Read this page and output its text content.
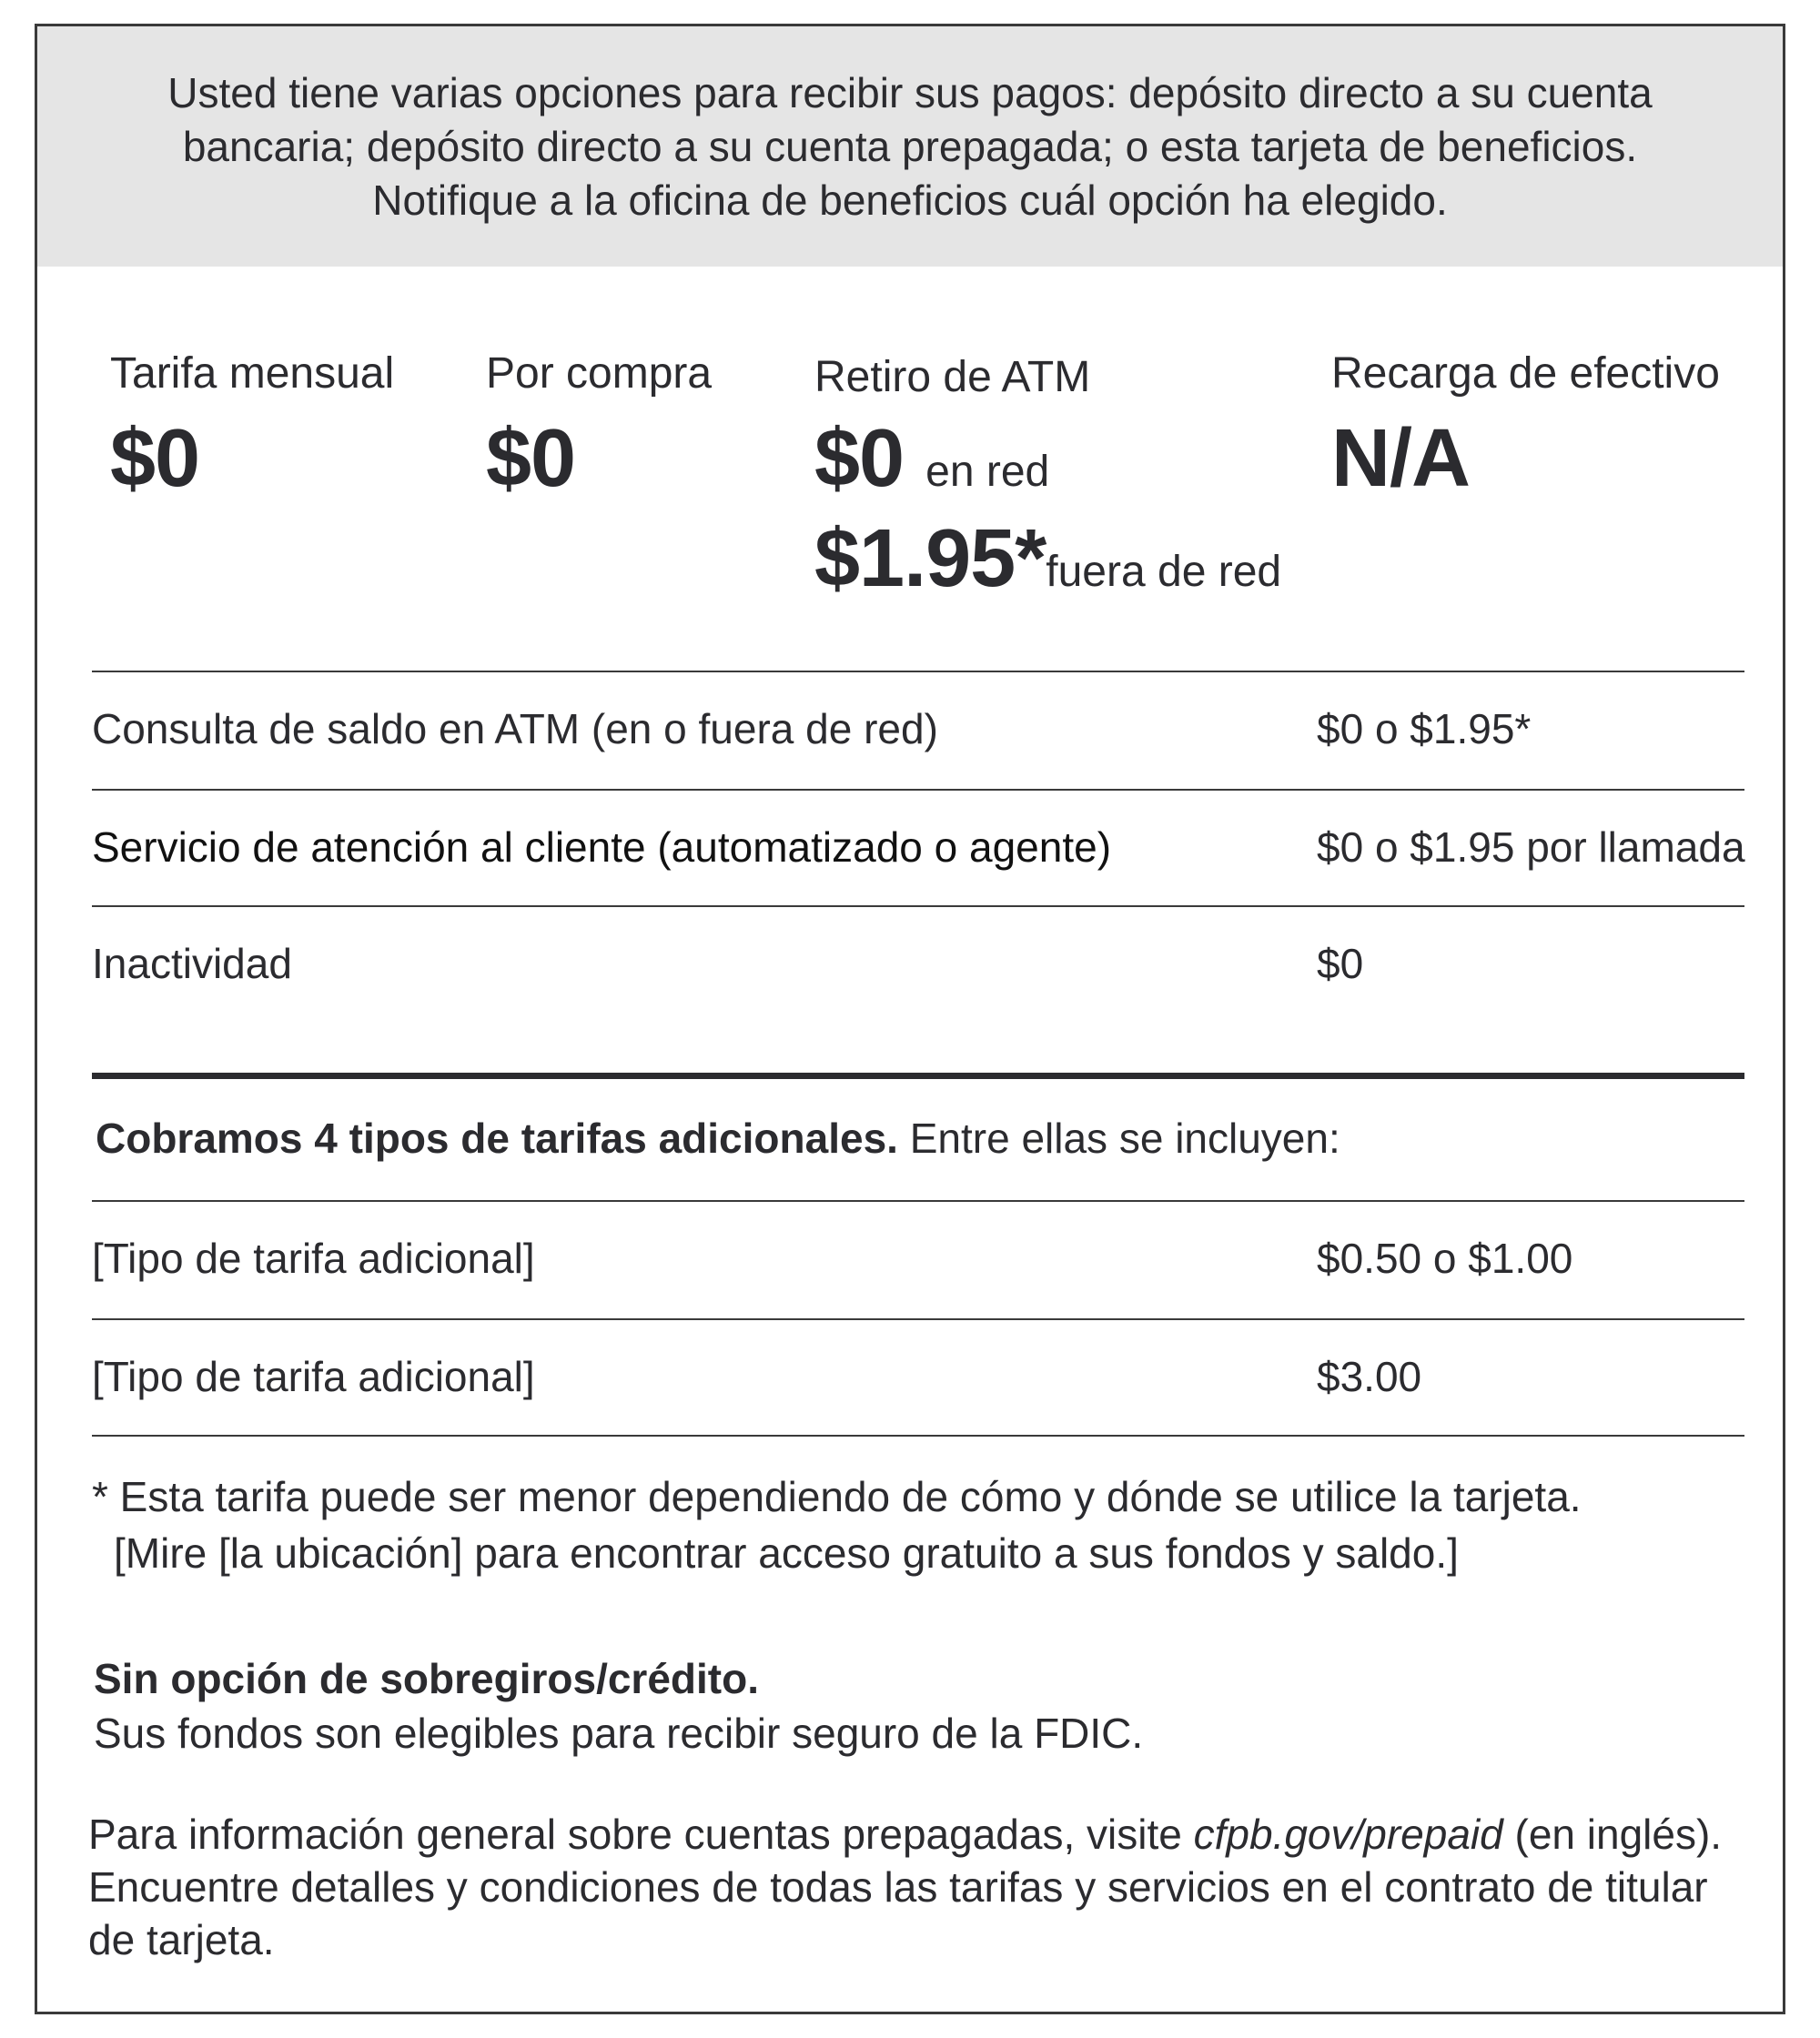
Usted tiene varias opciones para recibir sus pagos: depósito directo a su cuenta bancaria; depósito directo a su cuenta prepagada; o esta tarjeta de beneficios. Notifique a la oficina de beneficios cuál opción ha elegido.

Tarifa mensual
$0
Por compra
$0
Retiro de ATM
$0 en red
$1.95*fuera de red
Recarga de efectivo
N/A
Consulta de saldo en ATM (en o fuera de red)	$0 o $1.95*
Servicio de atención al cliente (automatizado o agente)	$0 o $1.95 por llamada
Inactividad	$0
Cobramos 4 tipos de tarifas adicionales. Entre ellas se incluyen:
[Tipo de tarifa adicional]	$0.50 o $1.00
[Tipo de tarifa adicional]	$3.00
* Esta tarifa puede ser menor dependiendo de cómo y dónde se utilice la tarjeta.
[Mire [la ubicación] para encontrar acceso gratuito a sus fondos y saldo.]
Sin opción de sobregiros/crédito.
Sus fondos son elegibles para recibir seguro de la FDIC.
Para información general sobre cuentas prepagadas, visite cfpb.gov/prepaid (en inglés). Encuentre detalles y condiciones de todas las tarifas y servicios en el contrato de titular de tarjeta.
